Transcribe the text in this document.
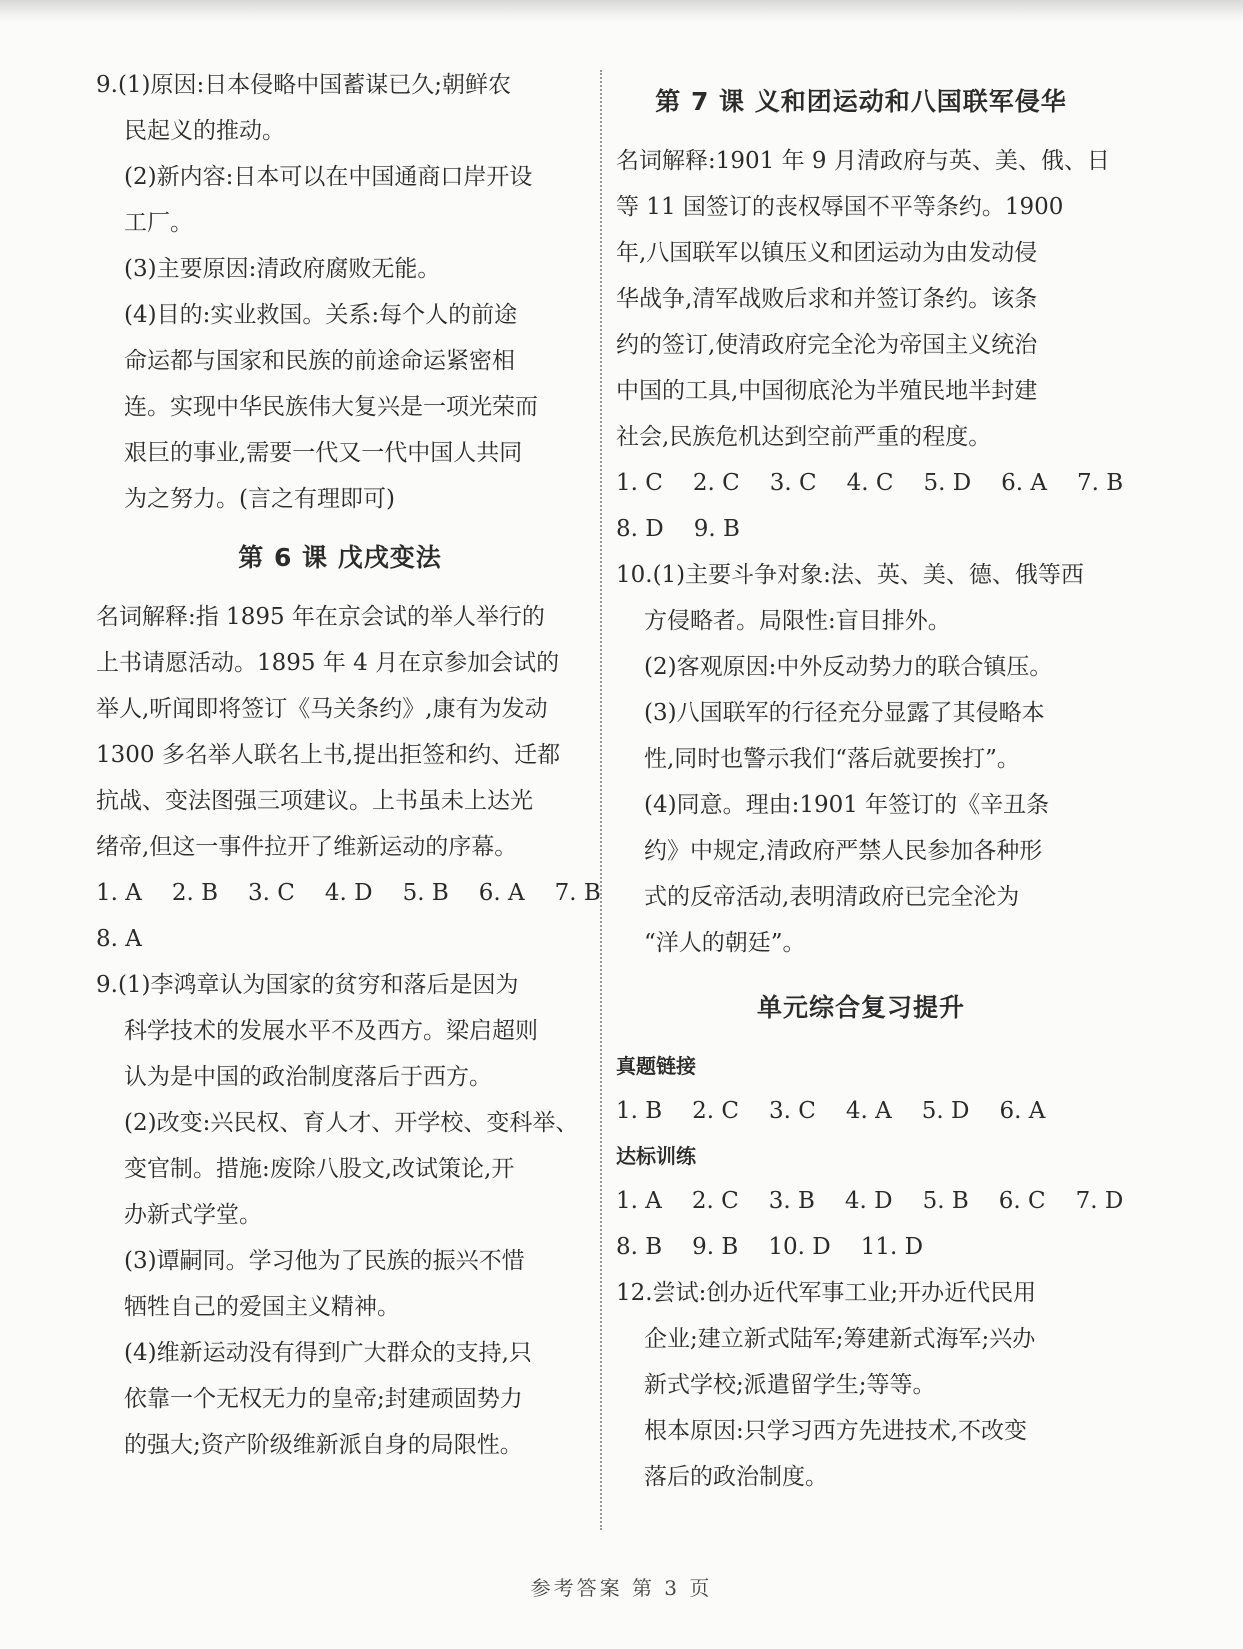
9.(1)原因:日本侵略中国蓄谋已久;朝鲜农
民起义的推动。
(2)新内容:日本可以在中国通商口岸开设
工厂。
(3)主要原因:清政府腐败无能。
(4)目的:实业救国。关系:每个人的前途
命运都与国家和民族的前途命运紧密相
连。实现中华民族伟大复兴是一项光荣而
艰巨的事业,需要一代又一代中国人共同
为之努力。(言之有理即可)
第 6 课 戊戌变法
名词解释:指 1895 年在京会试的举人举行的
上书请愿活动。1895 年 4 月在京参加会试的
举人,听闻即将签订《马关条约》,康有为发动
1300 多名举人联名上书,提出拒签和约、迁都
抗战、变法图强三项建议。上书虽未上达光
绪帝,但这一事件拉开了维新运动的序幕。
1. A 2. B 3. C 4. D 5. B 6. A 7. B
8. A
9.(1)李鸿章认为国家的贫穷和落后是因为
科学技术的发展水平不及西方。梁启超则
认为是中国的政治制度落后于西方。
(2)改变:兴民权、育人才、开学校、变科举、
变官制。措施:废除八股文,改试策论,开
办新式学堂。
(3)谭嗣同。学习他为了民族的振兴不惜
牺牲自己的爱国主义精神。
(4)维新运动没有得到广大群众的支持,只
依靠一个无权无力的皇帝;封建顽固势力
的强大;资产阶级维新派自身的局限性。
第 7 课 义和团运动和八国联军侵华
名词解释:1901 年 9 月清政府与英、美、俄、日
等 11 国签订的丧权辱国不平等条约。1900
年,八国联军以镇压义和团运动为由发动侵
华战争,清军战败后求和并签订条约。该条
约的签订,使清政府完全沦为帝国主义统治
中国的工具,中国彻底沦为半殖民地半封建
社会,民族危机达到空前严重的程度。
1. C 2. C 3. C 4. C 5. D 6. A 7. B
8. D 9. B
10.(1)主要斗争对象:法、英、美、德、俄等西
方侵略者。局限性:盲目排外。
(2)客观原因:中外反动势力的联合镇压。
(3)八国联军的行径充分显露了其侵略本
性,同时也警示我们“落后就要挨打”。
(4)同意。理由:1901 年签订的《辛丑条
约》中规定,清政府严禁人民参加各种形
式的反帝活动,表明清政府已完全沦为
“洋人的朝廷”。
单元综合复习提升
真题链接
1. B 2. C 3. C 4. A 5. D 6. A
达标训练
1. A 2. C 3. B 4. D 5. B 6. C 7. D
8. B 9. B 10. D 11. D
12.尝试:创办近代军事工业;开办近代民用
企业;建立新式陆军;筹建新式海军;兴办
新式学校;派遣留学生;等等。
根本原因:只学习西方先进技术,不改变
落后的政治制度。
参考答案 第 3 页
